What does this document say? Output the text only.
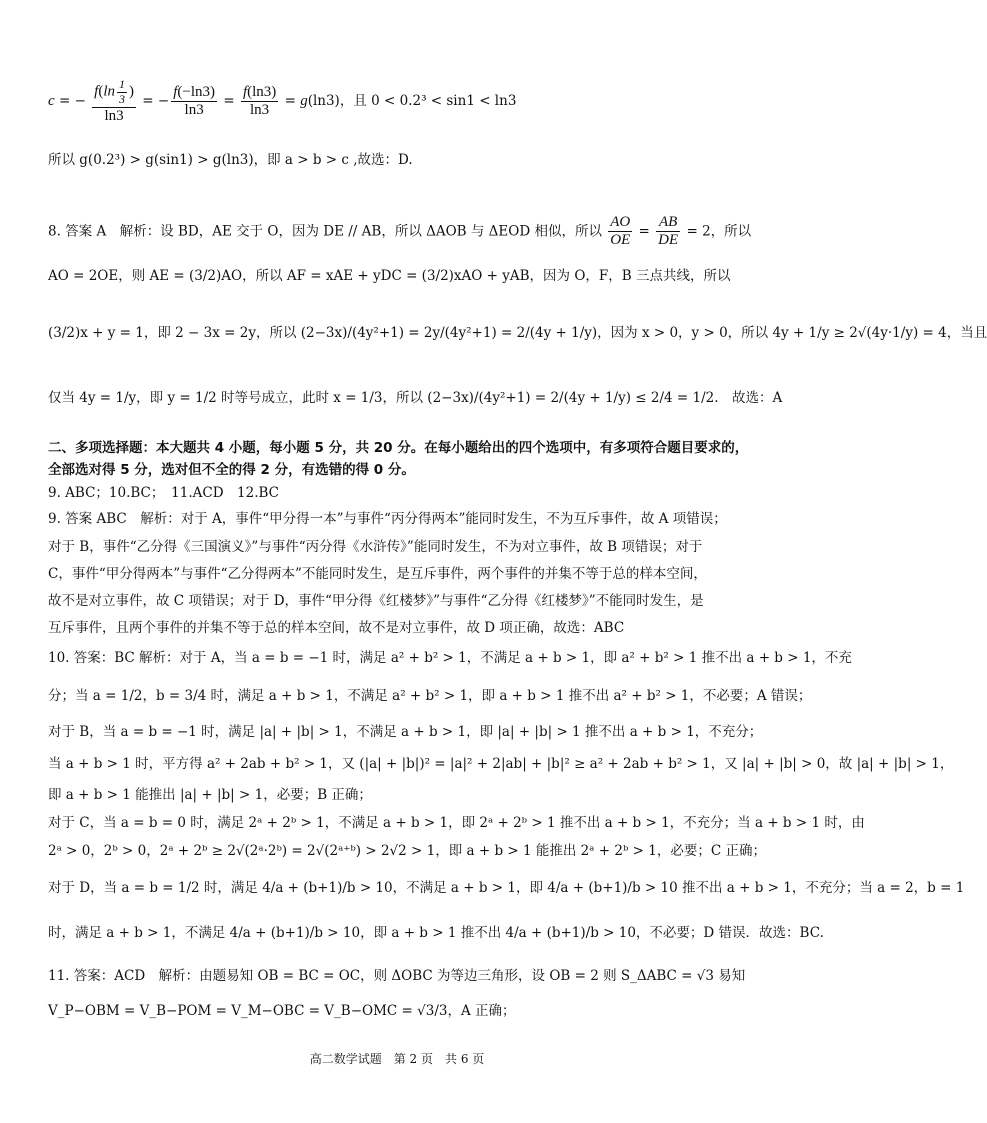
c = − $\frac{f(\ln \frac{1}{3} )}{\ln 3}$ = − $\frac{f(-\ln 3)}{\ln 3} = \frac{f(\ln 3)}{\ln 3} = g(\ln 3)$，且 0 < 0.2³ < sin1 < ln3
所以 g(0.2³) > g(sin1) > g(ln3)，即 a > b > c ,故选：D.
8. 答案 A　解析：设 BD，AE 交于 O，因为 DE // AB，所以 ΔAOB 与 ΔEOD 相似，所以 $\frac{AO}{OE} = \frac{AB}{DE} = 2$，所以
AO = 2OE，则 AE = (3/2)AO，所以 AF = xAE + yDC = (3/2)xAO + yAB，因为 O，F，B 三点共线，所以
(3/2)x + y = 1，即 2 − 3x = 2y，所以 (2−3x)/(4y²+1) = 2y/(4y²+1) = 2/(4y + 1/y)，因为 x > 0，y > 0，所以 4y + 1/y ≥ 2√(4y·1/y) = 4，当且
仅当 4y = 1/y，即 y = 1/2 时等号成立，此时 x = 1/3，所以 (2−3x)/(4y²+1) = 2/(4y + 1/y) ≤ 2/4 = 1/2.　故选：A
二、多项选择题：本大题共 4 小题，每小题 5 分，共 20 分。在每小题给出的四个选项中，有多项符合题目要求的，
全部选对得 5 分，选对但不全的得 2 分，有选错的得 0 分。
9. ABC；10.BC；　11.ACD　12.BC
9. 答案 ABC　解析：对于 A，事件“甲分得一本”与事件“丙分得两本”能同时发生，不为互斥事件，故 A 项错误；
对于 B，事件“乙分得《三国演义》”与事件“丙分得《水浒传》”能同时发生，不为对立事件，故 B 项错误；对于
C，事件“甲分得两本”与事件“乙分得两本”不能同时发生，是互斥事件，两个事件的并集不等于总的样本空间，
故不是对立事件，故 C 项错误；对于 D，事件“甲分得《红楼梦》”与事件“乙分得《红楼梦》”不能同时发生，是
互斥事件，且两个事件的并集不等于总的样本空间，故不是对立事件，故 D 项正确，故选：ABC
10. 答案：BC 解析：对于 A，当 a = b = −1 时，满足 a² + b² > 1，不满足 a + b > 1，即 a² + b² > 1 推不出 a + b > 1，不充
分；当 a = 1/2，b = 3/4 时，满足 a + b > 1，不满足 a² + b² > 1，即 a + b > 1 推不出 a² + b² > 1，不必要；A 错误；
对于 B，当 a = b = −1 时，满足 |a| + |b| > 1，不满足 a + b > 1，即 |a| + |b| > 1 推不出 a + b > 1，不充分；
当 a + b > 1 时，平方得 a² + 2ab + b² > 1，又 (|a| + |b|)² = |a|² + 2|ab| + |b|² ≥ a² + 2ab + b² > 1，又 |a| + |b| > 0，故 |a| + |b| > 1，
即 a + b > 1 能推出 |a| + |b| > 1，必要；B 正确；
对于 C，当 a = b = 0 时，满足 2ᵃ + 2ᵇ > 1，不满足 a + b > 1，即 2ᵃ + 2ᵇ > 1 推不出 a + b > 1，不充分；当 a + b > 1 时，由
2ᵃ > 0，2ᵇ > 0，2ᵃ + 2ᵇ ≥ 2√(2ᵃ·2ᵇ) = 2√(2ᵃ⁺ᵇ) > 2√2 > 1，即 a + b > 1 能推出 2ᵃ + 2ᵇ > 1，必要；C 正确；
对于 D，当 a = b = 1/2 时，满足 4/a + (b+1)/b > 10，不满足 a + b > 1，即 4/a + (b+1)/b > 10 推不出 a + b > 1，不充分；当 a = 2，b = 1
时，满足 a + b > 1，不满足 4/a + (b+1)/b > 10，即 a + b > 1 推不出 4/a + (b+1)/b > 10，不必要；D 错误．故选：BC.
11. 答案：ACD　解析：由题易知 OB = BC = OC，则 ΔOBC 为等边三角形，设 OB = 2 则 S_ΔABC = √3 易知
V_P−OBM = V_B−POM = V_M−OBC = V_B−OMC = √3/3，A 正确；
高二数学试题　第 2 页　共 6 页
